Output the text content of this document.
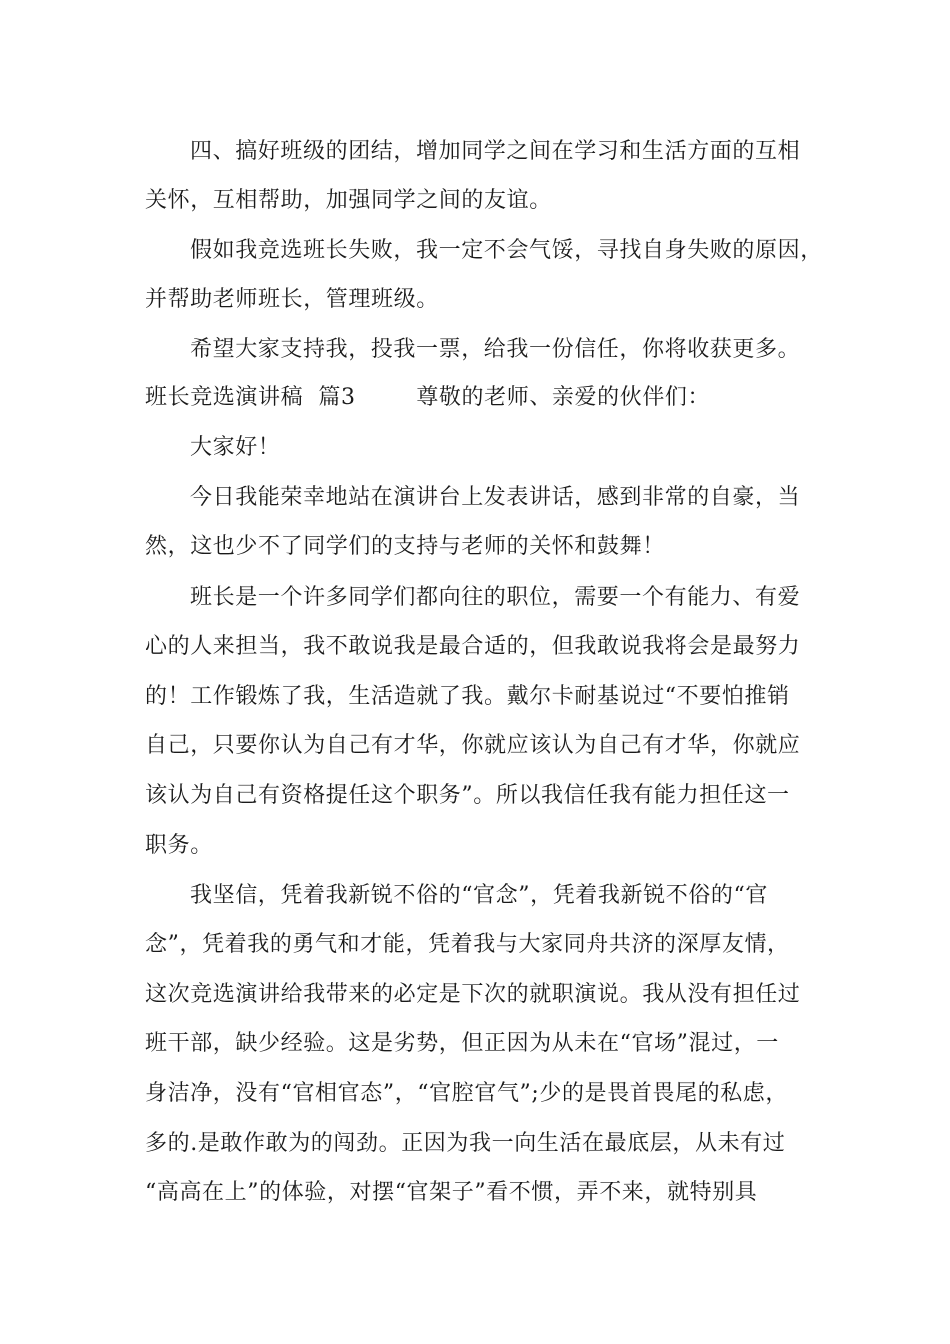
四、搞好班级的团结，增加同学之间在学习和生活方面的互相
关怀，互相帮助，加强同学之间的友谊。
假如我竞选班长失败，我一定不会气馁，寻找自身失败的原因，
并帮助老师班长，管理班级。
希望大家支持我，投我一票，给我一份信任，你将收获更多。
班长竞选演讲稿  篇3        尊敬的老师、亲爱的伙伴们：
大家好！
今日我能荣幸地站在演讲台上发表讲话，感到非常的自豪，当
然，这也少不了同学们的支持与老师的关怀和鼓舞！
班长是一个许多同学们都向往的职位，需要一个有能力、有爱
心的人来担当，我不敢说我是最合适的，但我敢说我将会是最努力
的！工作锻炼了我，生活造就了我。戴尔卡耐基说过“不要怕推销
自己，只要你认为自己有才华，你就应该认为自己有才华，你就应
该认为自己有资格提任这个职务”。所以我信任我有能力担任这一
职务。
我坚信，凭着我新锐不俗的“官念”，凭着我新锐不俗的“官
念”，凭着我的勇气和才能，凭着我与大家同舟共济的深厚友情，
这次竞选演讲给我带来的必定是下次的就职演说。我从没有担任过
班干部，缺少经验。这是劣势，但正因为从未在“官场”混过，一
身洁净，没有“官相官态”，“官腔官气”;少的是畏首畏尾的私虑，
多的.是敢作敢为的闯劲。正因为我一向生活在最底层，从未有过
“高高在上”的体验，对摆“官架子”看不惯，弄不来，就特别具
